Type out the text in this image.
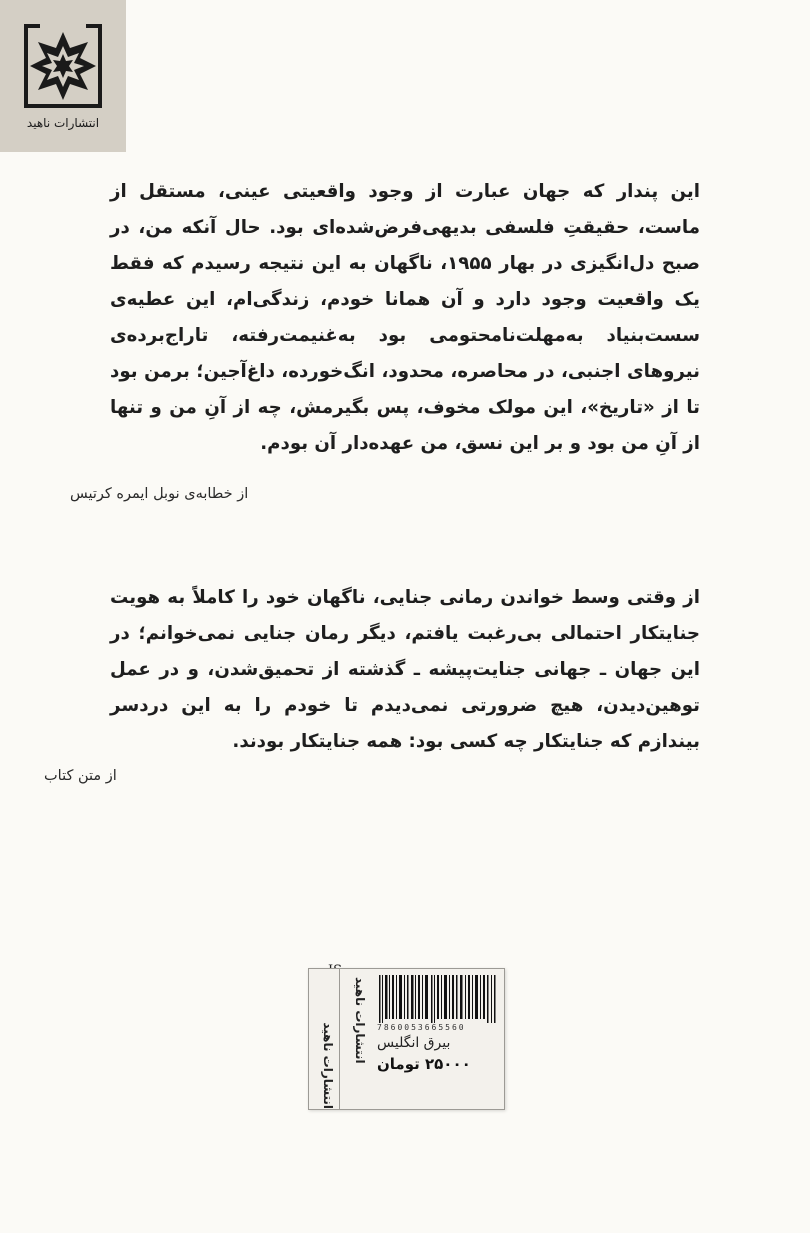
انتشارات ناهید
این پندار که جهان عبارت از وجود واقعیتی عینی، مستقل از ماست، حقیقتِ فلسفی بدیهی‌فرض‌شده‌ای بود. حال آنکه من، در صبح دل‌انگیزی در بهار ۱۹۵۵، ناگهان به این نتیجه رسیدم که فقط یک واقعیت وجود دارد و آن همانا خودم، زندگی‌ام، این عطیه‌ی سست‌بنیاد به‌مهلت‌نامحتومی بود به‌غنیمت‌رفته، تاراج‌برده‌ی نیروهای اجنبی، در محاصره، محدود، انگ‌خورده، داغ‌آجین؛ برمن بود تا از «تاریخ»، این مولک مخوف، پس بگیرمش، چه از آنِ من و تنها از آنِ من بود و بر این نسق، من عهده‌دار آن بودم.
از خطابه‌ی نوبل ایمره کرتیس
از وقتی وسط خواندن رمانی جنایی، ناگهان خود را کاملاً به هویت جنایتکار احتمالی بی‌رغبت یافتم، دیگر رمان جنایی نمی‌خوانم؛ در این جهان ـ جهانی جنایت‌پیشه ـ گذشته از تحمیق‌شدن، و در عمل توهین‌دیدن، هیچ ضرورتی نمی‌دیدم تا خودم را به این دردسر بیندازم که جنایتکار چه کسی بود: همه جنایتکار بودند.
از متن کتاب
انتشارات ناهید
انتشارات ناهید 7860053665560
بیرق انگلیس
۲۵۰۰۰ تومان
